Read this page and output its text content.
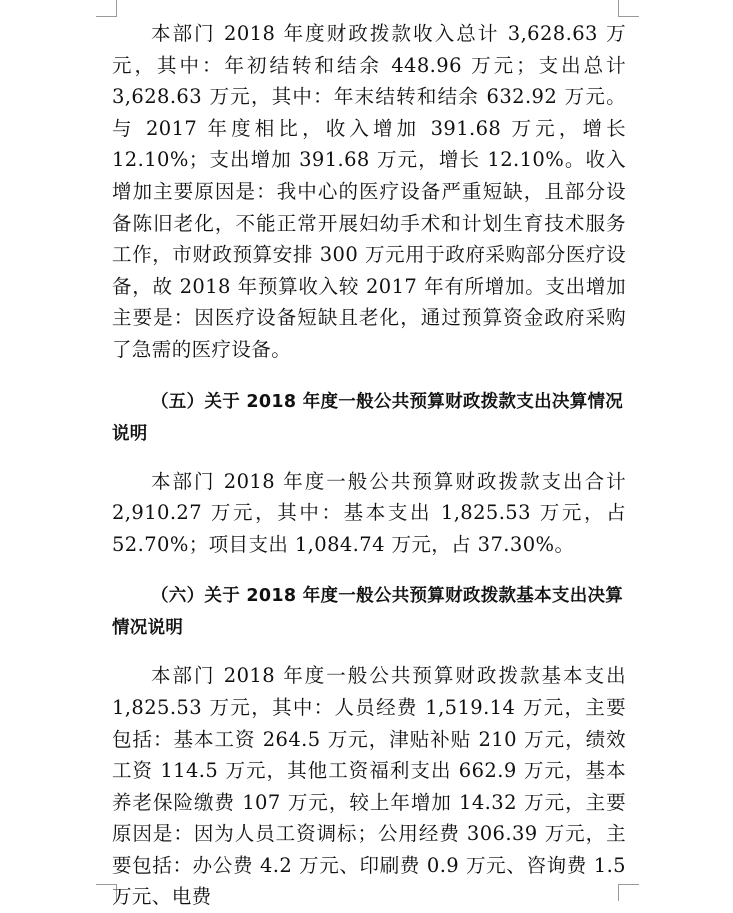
本部门 2018 年度财政拨款收入总计 3,628.63 万元，其中：年初结转和结余 448.96 万元；支出总计 3,628.63 万元，其中：年末结转和结余 632.92 万元。与 2017 年度相比，收入增加 391.68 万元，增长 12.10%；支出增加 391.68 万元，增长 12.10%。收入增加主要原因是：我中心的医疗设备严重短缺，且部分设备陈旧老化，不能正常开展妇幼手术和计划生育技术服务工作，市财政预算安排 300 万元用于政府采购部分医疗设备，故 2018 年预算收入较 2017 年有所增加。支出增加主要是：因医疗设备短缺且老化，通过预算资金政府采购了急需的医疗设备。

（五）关于 2018 年度一般公共预算财政拨款支出决算情况说明

本部门 2018 年度一般公共预算财政拨款支出合计 2,910.27 万元，其中：基本支出 1,825.53 万元，占 52.70%；项目支出 1,084.74 万元，占 37.30%。

（六）关于 2018 年度一般公共预算财政拨款基本支出决算情况说明

本部门 2018 年度一般公共预算财政拨款基本支出 1,825.53 万元，其中：人员经费 1,519.14 万元，主要包括：基本工资 264.5 万元，津贴补贴 210 万元，绩效工资 114.5 万元，其他工资福利支出 662.9 万元，基本养老保险缴费 107 万元，较上年增加 14.32 万元，主要原因是：因为人员工资调标；公用经费 306.39 万元，主要包括：办公费 4.2 万元、印刷费 0.9 万元、咨询费 1.5 万元、电费
